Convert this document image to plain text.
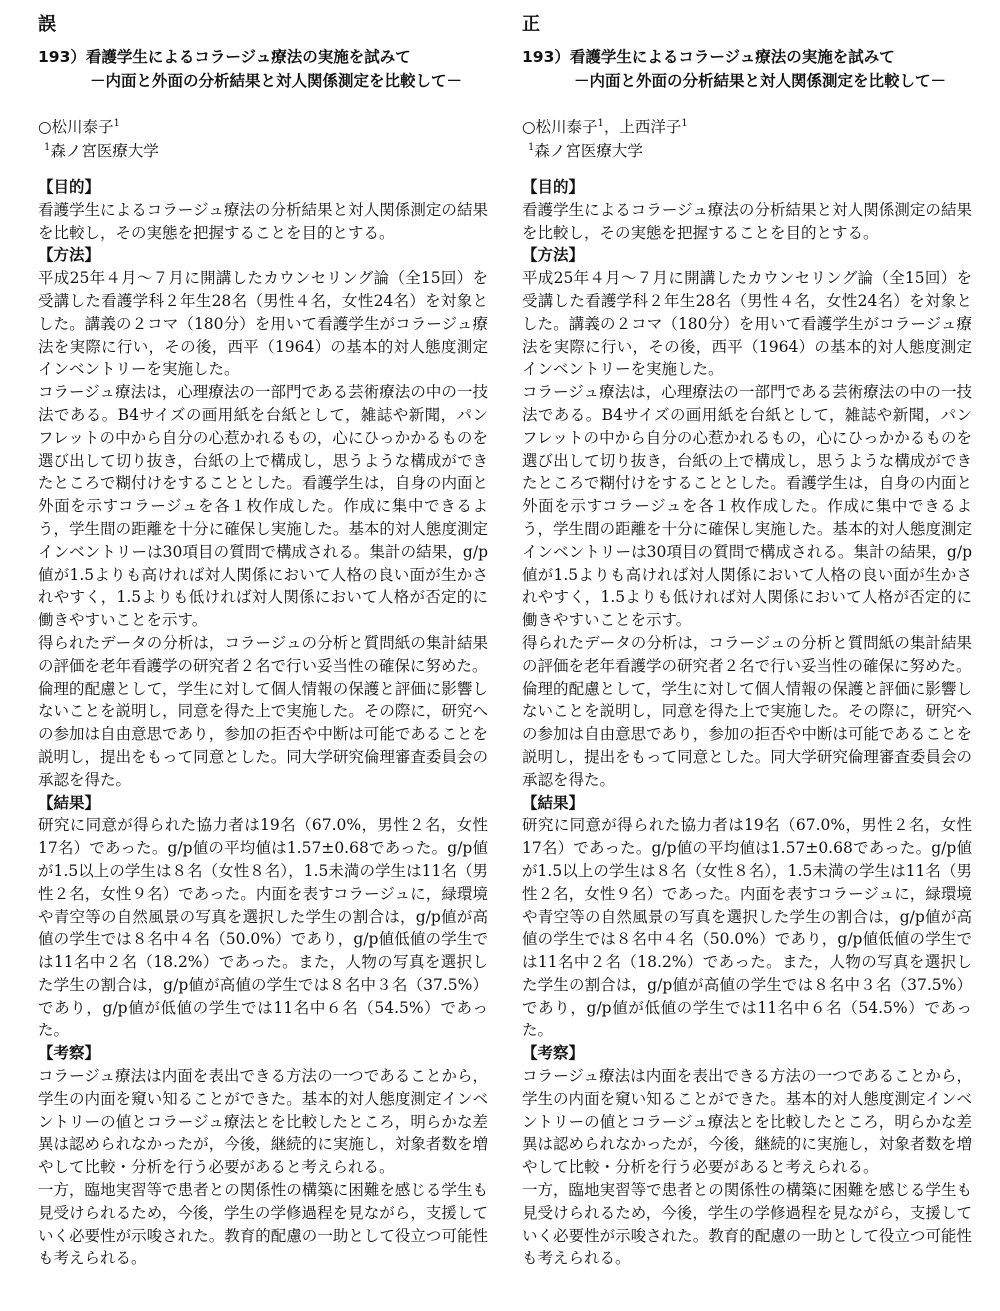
誤
193）看護学生によるコラージュ療法の実施を試みて
－内面と外面の分析結果と対人関係測定を比較して－
○松川泰子$^1$
$^1$森ノ宮医療大学

【目的】

看護学生によるコラージュ療法の分析結果と対人関係測定の結果を比較し，その実態を把握することを目的とする。

【方法】

平成25年４月～７月に開講したカウンセリング論（全15回）を受講した看護学科２年生28名（男性４名，女性24名）を対象とした。講義の２コマ（180分）を用いて看護学生がコラージュ療法を実際に行い，その後，西平（1964）の基本的対人態度測定インベントリーを実施した。

コラージュ療法は，心理療法の一部門である芸術療法の中の一技法である。B4サイズの画用紙を台紙として，雑誌や新聞，パンフレットの中から自分の心惹かれるもの，心にひっかかるものを選び出して切り抜き，台紙の上で構成し，思うような構成ができたところで糊付けをすることとした。看護学生は，自身の内面と外面を示すコラージュを各１枚作成した。作成に集中できるよう，学生間の距離を十分に確保し実施した。基本的対人態度測定インベントリーは30項目の質問で構成される。集計の結果，g/p値が1.5よりも高ければ対人関係において人格の良い面が生かされやすく，1.5よりも低ければ対人関係において人格が否定的に働きやすいことを示す。

得られたデータの分析は，コラージュの分析と質問紙の集計結果の評価を老年看護学の研究者２名で行い妥当性の確保に努めた。

倫理的配慮として，学生に対して個人情報の保護と評価に影響しないことを説明し，同意を得た上で実施した。その際に，研究への参加は自由意思であり，参加の拒否や中断は可能であることを説明し，提出をもって同意とした。同大学研究倫理審査委員会の承認を得た。

【結果】

研究に同意が得られた協力者は19名（67.0%，男性２名，女性17名）であった。g/p値の平均値は1.57±0.68であった。g/p値が1.5以上の学生は８名（女性８名），1.5未満の学生は11名（男性２名，女性９名）であった。内面を表すコラージュに，緑環境や青空等の自然風景の写真を選択した学生の割合は，g/p値が高値の学生では８名中４名（50.0%）であり，g/p値低値の学生では11名中２名（18.2%）であった。また，人物の写真を選択した学生の割合は，g/p値が高値の学生では８名中３名（37.5%）であり，g/p値が低値の学生では11名中６名（54.5%）であった。

【考察】

コラージュ療法は内面を表出できる方法の一つであることから，学生の内面を窺い知ることができた。基本的対人態度測定インベントリーの値とコラージュ療法とを比較したところ，明らかな差異は認められなかったが，今後，継続的に実施し，対象者数を増やして比較・分析を行う必要があると考えられる。

一方，臨地実習等で患者との関係性の構築に困難を感じる学生も見受けられるため，今後，学生の学修過程を見ながら，支援していく必要性が示唆された。教育的配慮の一助として役立つ可能性も考えられる。

正
193）看護学生によるコラージュ療法の実施を試みて
－内面と外面の分析結果と対人関係測定を比較して－
○松川泰子$^1$，上西洋子$^1$
$^1$森ノ宮医療大学

【目的】

看護学生によるコラージュ療法の分析結果と対人関係測定の結果を比較し，その実態を把握することを目的とする。

【方法】

平成25年４月～７月に開講したカウンセリング論（全15回）を受講した看護学科２年生28名（男性４名，女性24名）を対象とした。講義の２コマ（180分）を用いて看護学生がコラージュ療法を実際に行い，その後，西平（1964）の基本的対人態度測定インベントリーを実施した。

コラージュ療法は，心理療法の一部門である芸術療法の中の一技法である。B4サイズの画用紙を台紙として，雑誌や新聞，パンフレットの中から自分の心惹かれるもの，心にひっかかるものを選び出して切り抜き，台紙の上で構成し，思うような構成ができたところで糊付けをすることとした。看護学生は，自身の内面と外面を示すコラージュを各１枚作成した。作成に集中できるよう，学生間の距離を十分に確保し実施した。基本的対人態度測定インベントリーは30項目の質問で構成される。集計の結果，g/p値が1.5よりも高ければ対人関係において人格の良い面が生かされやすく，1.5よりも低ければ対人関係において人格が否定的に働きやすいことを示す。

得られたデータの分析は，コラージュの分析と質問紙の集計結果の評価を老年看護学の研究者２名で行い妥当性の確保に努めた。

倫理的配慮として，学生に対して個人情報の保護と評価に影響しないことを説明し，同意を得た上で実施した。その際に，研究への参加は自由意思であり，参加の拒否や中断は可能であることを説明し，提出をもって同意とした。同大学研究倫理審査委員会の承認を得た。

【結果】

研究に同意が得られた協力者は19名（67.0%，男性２名，女性17名）であった。g/p値の平均値は1.57±0.68であった。g/p値が1.5以上の学生は８名（女性８名），1.5未満の学生は11名（男性２名，女性９名）であった。内面を表すコラージュに，緑環境や青空等の自然風景の写真を選択した学生の割合は，g/p値が高値の学生では８名中４名（50.0%）であり，g/p値低値の学生では11名中２名（18.2%）であった。また，人物の写真を選択した学生の割合は，g/p値が高値の学生では８名中３名（37.5%）であり，g/p値が低値の学生では11名中６名（54.5%）であった。

【考察】

コラージュ療法は内面を表出できる方法の一つであることから，学生の内面を窺い知ることができた。基本的対人態度測定インベントリーの値とコラージュ療法とを比較したところ，明らかな差異は認められなかったが，今後，継続的に実施し，対象者数を増やして比較・分析を行う必要があると考えられる。

一方，臨地実習等で患者との関係性の構築に困難を感じる学生も見受けられるため，今後，学生の学修過程を見ながら，支援していく必要性が示唆された。教育的配慮の一助として役立つ可能性も考えられる。
